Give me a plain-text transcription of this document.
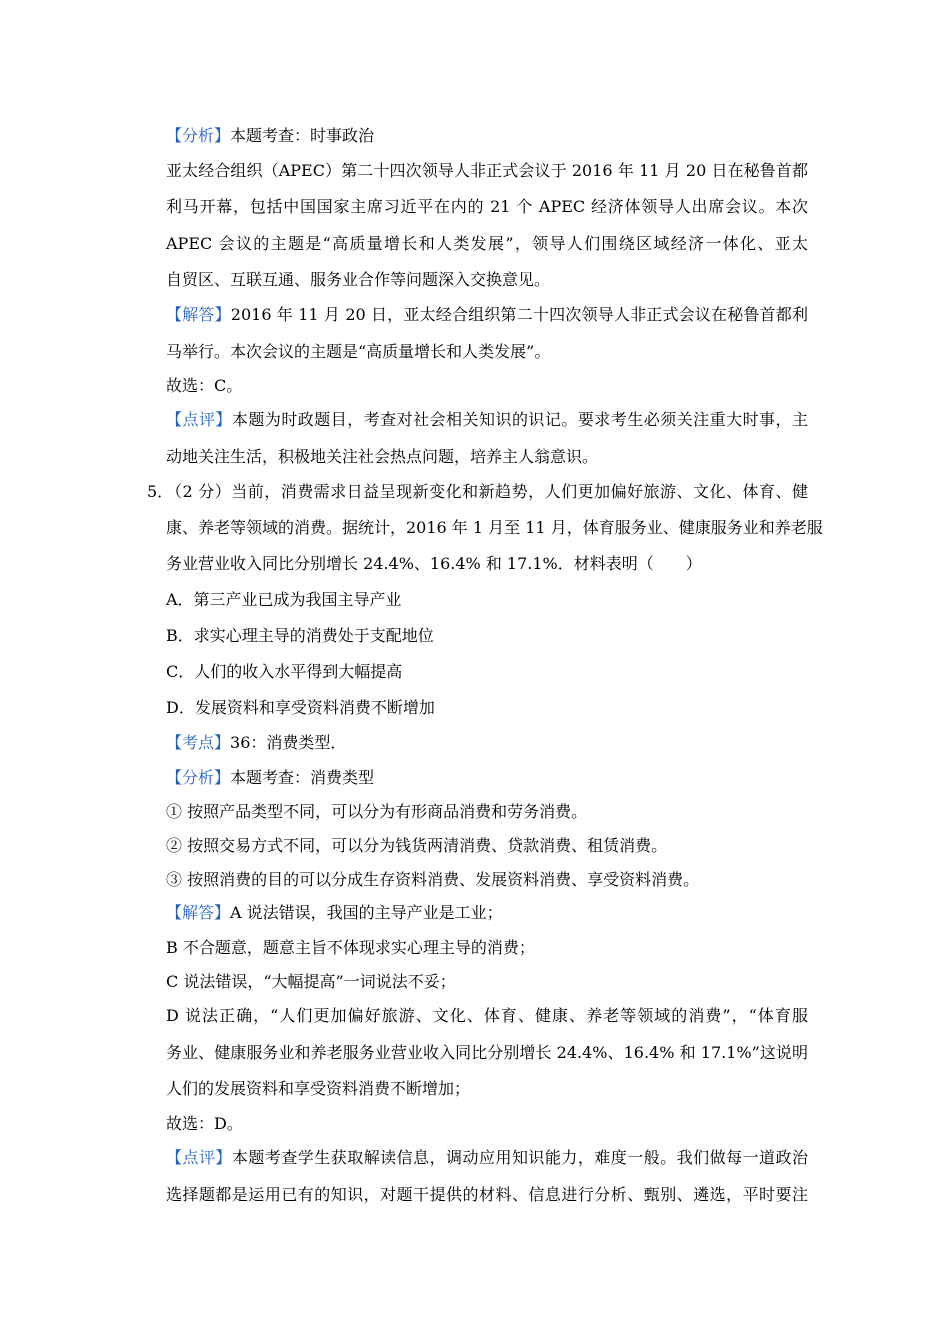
【分析】本题考查：时事政治
亚太经合组织（APEC）第二十四次领导人非正式会议于 2016 年 11 月 20 日在秘鲁首都
利马开幕，包括中国国家主席习近平在内的 21 个 APEC 经济体领导人出席会议。本次
APEC 会议的主题是“高质量增长和人类发展”，领导人们围绕区域经济一体化、亚太
自贸区、互联互通、服务业合作等问题深入交换意见。
【解答】2016 年 11 月 20 日，亚太经合组织第二十四次领导人非正式会议在秘鲁首都利
马举行。本次会议的主题是“高质量增长和人类发展”。
故选：C。
【点评】本题为时政题目，考查对社会相关知识的识记。要求考生必须关注重大时事，主
动地关注生活，积极地关注社会热点问题，培养主人翁意识。
5．
（2 分）当前，消费需求日益呈现新变化和新趋势，人们更加偏好旅游、文化、体育、健
康、养老等领域的消费。据统计，2016 年 1 月至 11 月，体育服务业、健康服务业和养老服
务业营业收入同比分别增长 24.4%、16.4% 和 17.1%．材料表明（　　）
A．第三产业已成为我国主导产业
B．求实心理主导的消费处于支配地位
C．人们的收入水平得到大幅提高
D．发展资料和享受资料消费不断增加
【考点】36：消费类型．
【分析】本题考查：消费类型
① 按照产品类型不同，可以分为有形商品消费和劳务消费。
② 按照交易方式不同，可以分为钱货两清消费、贷款消费、租赁消费。
③ 按照消费的目的可以分成生存资料消费、发展资料消费、享受资料消费。
【解答】A 说法错误，我国的主导产业是工业；
B 不合题意，题意主旨不体现求实心理主导的消费；
C 说法错误，“大幅提高”一词说法不妥；
D 说法正确，“人们更加偏好旅游、文化、体育、健康、养老等领域的消费”，“体育服
务业、健康服务业和养老服务业营业收入同比分别增长 24.4%、16.4% 和 17.1%”这说明
人们的发展资料和享受资料消费不断增加；
故选：D。
【点评】本题考查学生获取解读信息，调动应用知识能力，难度一般。我们做每一道政治
选择题都是运用已有的知识，对题干提供的材料、信息进行分析、甄别、遴选，平时要注
